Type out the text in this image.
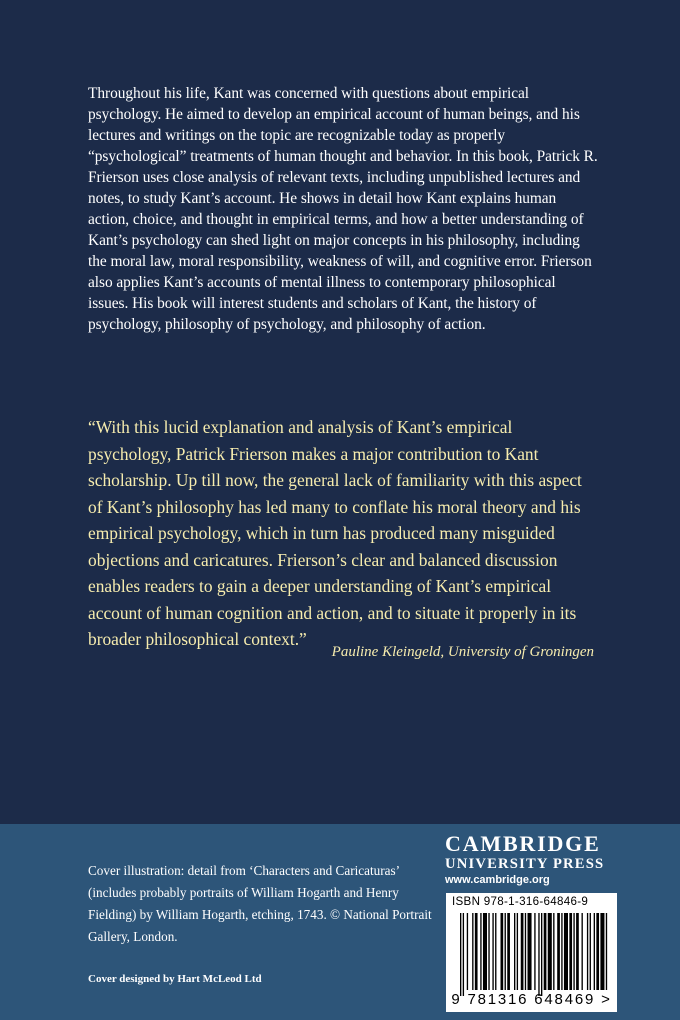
Throughout his life, Kant was concerned with questions about empirical psychology. He aimed to develop an empirical account of human beings, and his lectures and writings on the topic are recognizable today as properly “psychological” treatments of human thought and behavior. In this book, Patrick R. Frierson uses close analysis of relevant texts, including unpublished lectures and notes, to study Kant’s account. He shows in detail how Kant explains human action, choice, and thought in empirical terms, and how a better understanding of Kant’s psychology can shed light on major concepts in his philosophy, including the moral law, moral responsibility, weakness of will, and cognitive error. Frierson also applies Kant’s accounts of mental illness to contemporary philosophical issues. His book will interest students and scholars of Kant, the history of psychology, philosophy of psychology, and philosophy of action.

“With this lucid explanation and analysis of Kant’s empirical psychology, Patrick Frierson makes a major contribution to Kant scholarship. Up till now, the general lack of familiarity with this aspect of Kant’s philosophy has led many to conflate his moral theory and his empirical psychology, which in turn has produced many misguided objections and caricatures. Frierson’s clear and balanced discussion enables readers to gain a deeper understanding of Kant’s empirical account of human cognition and action, and to situate it properly in its broader philosophical context.”

Pauline Kleingeld, University of Groningen

Cover illustration: detail from ‘Characters and Caricaturas’ (includes probably portraits of William Hogarth and Henry Fielding) by William Hogarth, etching, 1743. © National Portrait Gallery, London.

Cover designed by Hart McLeod Ltd

CAMBRIDGE
UNIVERSITY PRESS
www.cambridge.org
ISBN 978-1-316-64846-9
9 781316 648469 >
